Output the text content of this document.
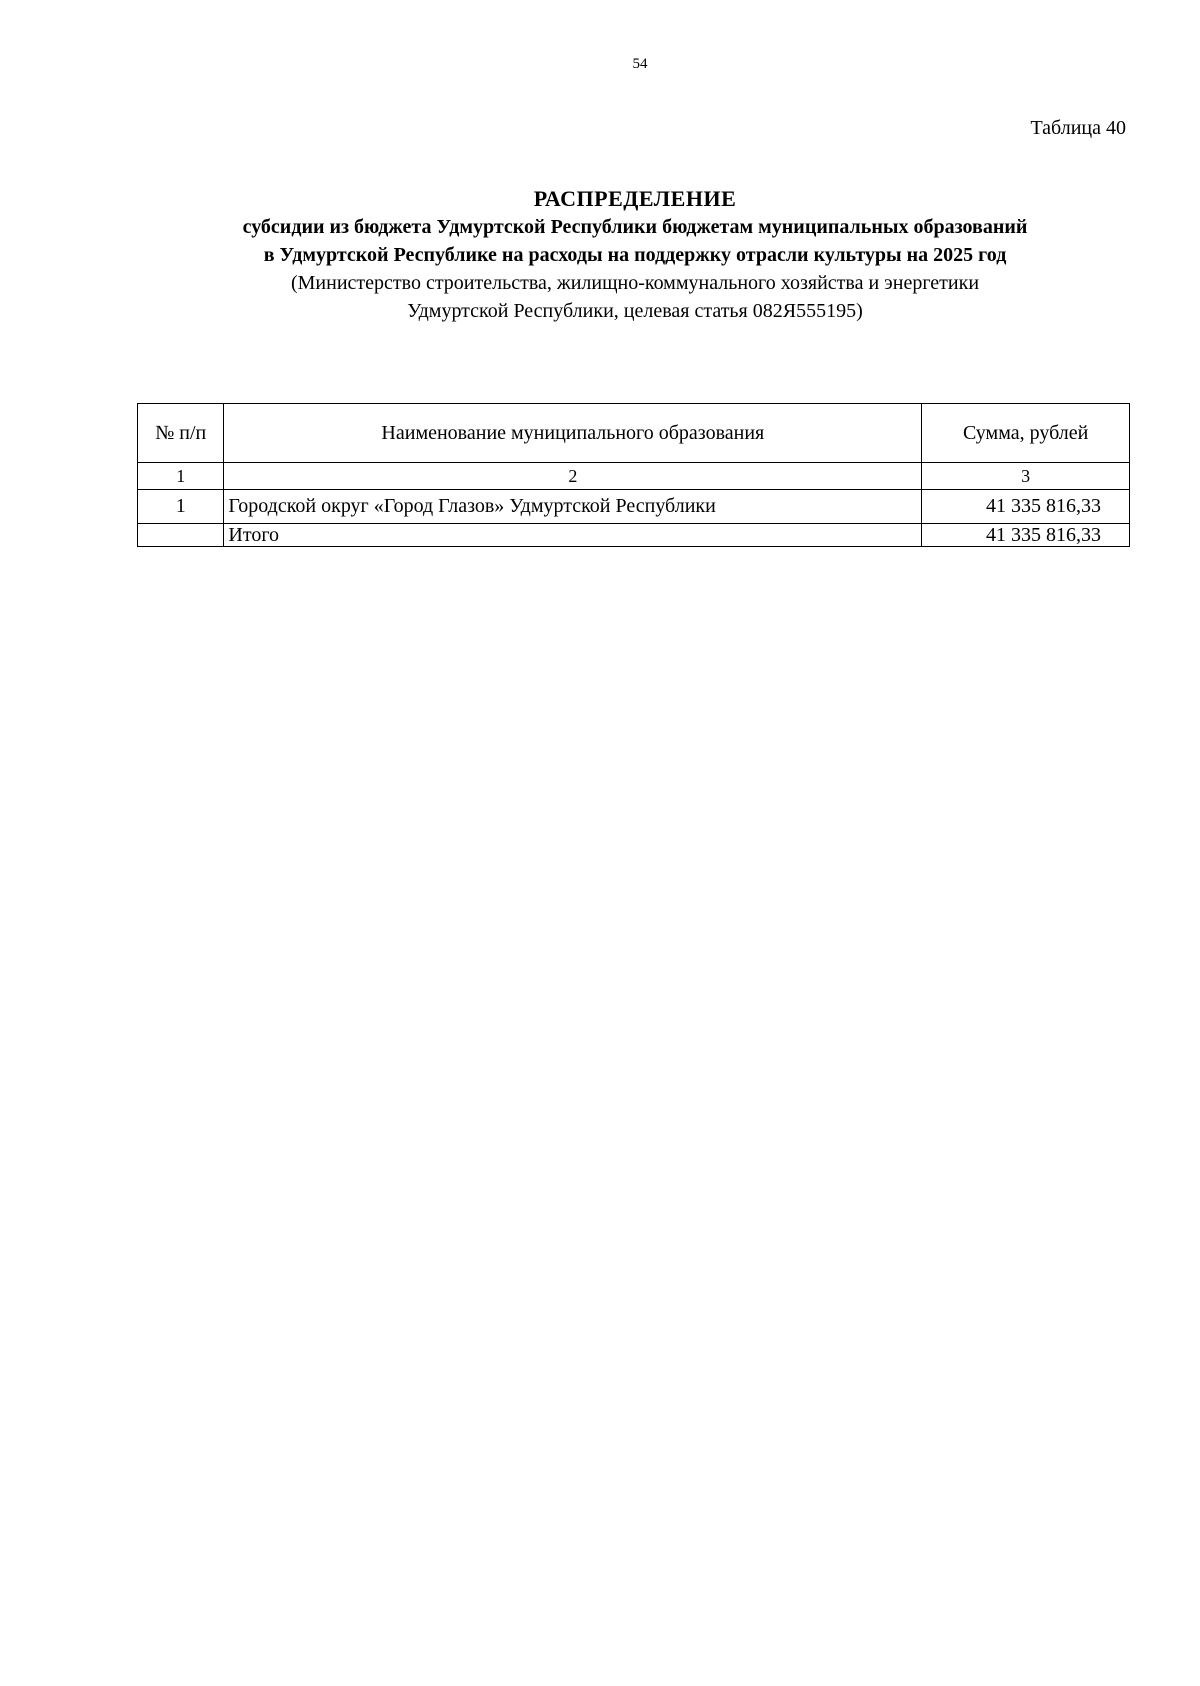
54
Таблица 40
РАСПРЕДЕЛЕНИЕ
субсидии из бюджета Удмуртской Республики бюджетам муниципальных образований
в Удмуртской Республике на расходы на поддержку отрасли культуры на 2025 год
(Министерство строительства, жилищно-коммунального хозяйства и энергетики
Удмуртской Республики, целевая статья 082Я555195)
№ п/п	Наименование муниципального образования	Сумма, рублей
1	2	3
1	Городской округ «Город Глазов» Удмуртской Республики	41 335 816,33
	Итого	41 335 816,33
